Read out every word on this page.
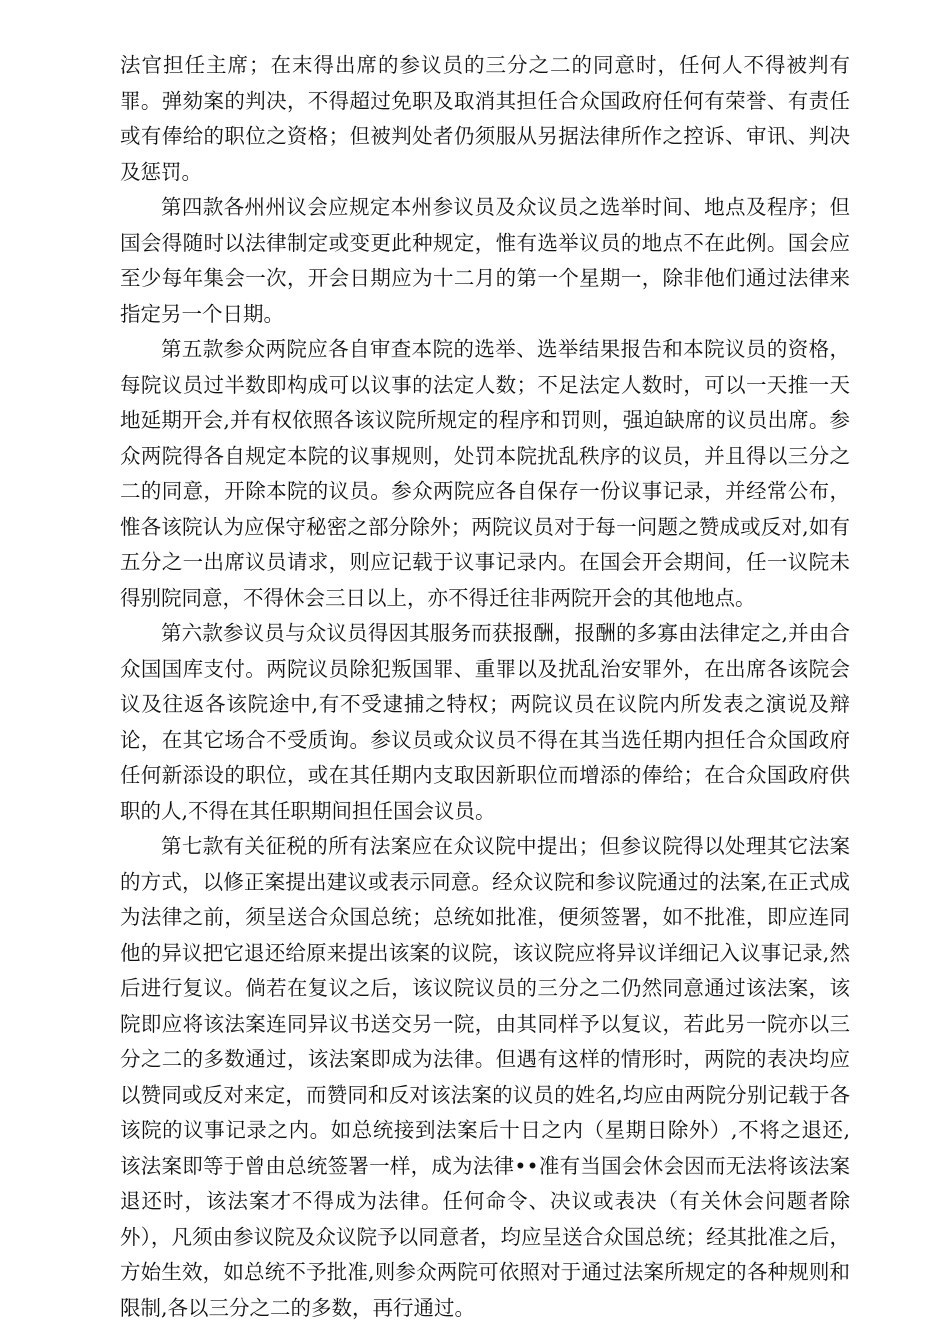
法官担任主席；在末得出席的参议员的三分之二的同意时，任何人不得被判有罪。弹劾案的判决，不得超过免职及取消其担任合众国政府任何有荣誉、有责任或有俸给的职位之资格；但被判处者仍须服从另据法律所作之控诉、审讯、判决及惩罚。

第四款各州州议会应规定本州参议员及众议员之选举时间、地点及程序；但国会得随时以法律制定或变更此种规定，惟有选举议员的地点不在此例。国会应至少每年集会一次，开会日期应为十二月的第一个星期一，除非他们通过法律来指定另一个日期。

第五款参众两院应各自审查本院的选举、选举结果报告和本院议员的资格，每院议员过半数即构成可以议事的法定人数；不足法定人数时，可以一天推一天地延期开会,并有权依照各该议院所规定的程序和罚则，强迫缺席的议员出席。参众两院得各自规定本院的议事规则，处罚本院扰乱秩序的议员，并且得以三分之二的同意，开除本院的议员。参众两院应各自保存一份议事记录，并经常公布，惟各该院认为应保守秘密之部分除外；两院议员对于每一问题之赞成或反对,如有五分之一出席议员请求，则应记载于议事记录内。在国会开会期间，任一议院未得别院同意，不得休会三日以上，亦不得迁往非两院开会的其他地点。

第六款参议员与众议员得因其服务而获报酬，报酬的多寡由法律定之,并由合众国国库支付。两院议员除犯叛国罪、重罪以及扰乱治安罪外，在出席各该院会议及往返各该院途中,有不受逮捕之特权；两院议员在议院内所发表之演说及辩论，在其它场合不受质询。参议员或众议员不得在其当选任期内担任合众国政府任何新添设的职位，或在其任期内支取因新职位而增添的俸给；在合众国政府供职的人,不得在其任职期间担任国会议员。

第七款有关征税的所有法案应在众议院中提出；但参议院得以处理其它法案的方式，以修正案提出建议或表示同意。经众议院和参议院通过的法案,在正式成为法律之前，须呈送合众国总统；总统如批准，便须签署，如不批准，即应连同他的异议把它退还给原来提出该案的议院，该议院应将异议详细记入议事记录,然后进行复议。倘若在复议之后，该议院议员的三分之二仍然同意通过该法案，该院即应将该法案连同异议书送交另一院，由其同样予以复议，若此另一院亦以三分之二的多数通过，该法案即成为法律。但遇有这样的情形时，两院的表决均应以赞同或反对来定，而赞同和反对该法案的议员的姓名,均应由两院分别记载于各该院的议事记录之内。如总统接到法案后十日之内（星期日除外）,不将之退还,该法案即等于曾由总统签署一样，成为法律••准有当国会休会因而无法将该法案退还时，该法案才不得成为法律。任何命令、决议或表决（有关休会问题者除外），凡须由参议院及众议院予以同意者，均应呈送合众国总统；经其批准之后，方始生效，如总统不予批准,则参众两院可依照对于通过法案所规定的各种规则和限制,各以三分之二的多数，再行通过。
